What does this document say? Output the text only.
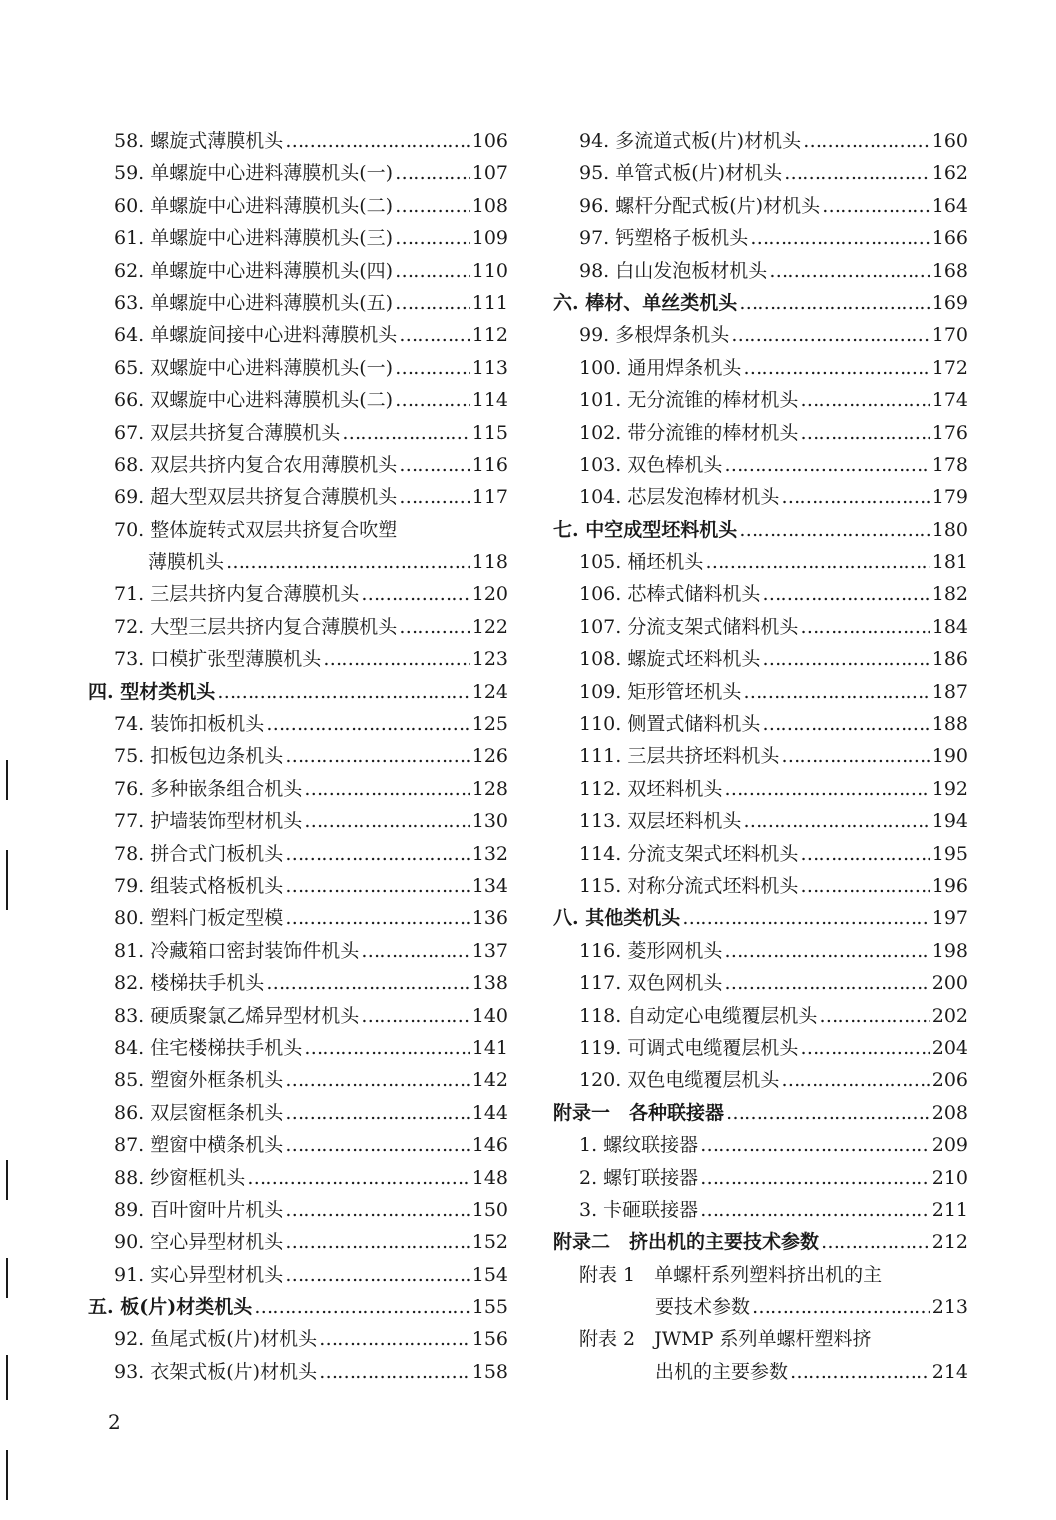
58. 螺旋式薄膜机头 ……………………………………………………………………………………………………………………………………………………	106
59. 单螺旋中心进料薄膜机头(一) ……………………………………………………………………………………………………………………………………………………	107
60. 单螺旋中心进料薄膜机头(二) ……………………………………………………………………………………………………………………………………………………	108
61. 单螺旋中心进料薄膜机头(三) ……………………………………………………………………………………………………………………………………………………	109
62. 单螺旋中心进料薄膜机头(四) ……………………………………………………………………………………………………………………………………………………	110
63. 单螺旋中心进料薄膜机头(五) ……………………………………………………………………………………………………………………………………………………	111
64. 单螺旋间接中心进料薄膜机头 ……………………………………………………………………………………………………………………………………………………	112
65. 双螺旋中心进料薄膜机头(一) ……………………………………………………………………………………………………………………………………………………	113
66. 双螺旋中心进料薄膜机头(二) ……………………………………………………………………………………………………………………………………………………	114
67. 双层共挤复合薄膜机头 ……………………………………………………………………………………………………………………………………………………	115
68. 双层共挤内复合农用薄膜机头 ……………………………………………………………………………………………………………………………………………………	116
69. 超大型双层共挤复合薄膜机头 ……………………………………………………………………………………………………………………………………………………	117
70. 整体旋转式双层共挤复合吹塑
薄膜机头 ……………………………………………………………………………………………………………………………………………………	118
71. 三层共挤内复合薄膜机头 ……………………………………………………………………………………………………………………………………………………	120
72. 大型三层共挤内复合薄膜机头 ……………………………………………………………………………………………………………………………………………………	122
73. 口模扩张型薄膜机头 ……………………………………………………………………………………………………………………………………………………	123
四. 型材类机头 ……………………………………………………………………………………………………………………………………………………	124
74. 装饰扣板机头 ……………………………………………………………………………………………………………………………………………………	125
75. 扣板包边条机头 ……………………………………………………………………………………………………………………………………………………	126
76. 多种嵌条组合机头 ……………………………………………………………………………………………………………………………………………………	128
77. 护墙装饰型材机头 ……………………………………………………………………………………………………………………………………………………	130
78. 拼合式门板机头 ……………………………………………………………………………………………………………………………………………………	132
79. 组装式格板机头 ……………………………………………………………………………………………………………………………………………………	134
80. 塑料门板定型模 ……………………………………………………………………………………………………………………………………………………	136
81. 冷藏箱口密封装饰件机头 ……………………………………………………………………………………………………………………………………………………	137
82. 楼梯扶手机头 ……………………………………………………………………………………………………………………………………………………	138
83. 硬质聚氯乙烯异型材机头 ……………………………………………………………………………………………………………………………………………………	140
84. 住宅楼梯扶手机头 ……………………………………………………………………………………………………………………………………………………	141
85. 塑窗外框条机头 ……………………………………………………………………………………………………………………………………………………	142
86. 双层窗框条机头 ……………………………………………………………………………………………………………………………………………………	144
87. 塑窗中横条机头 ……………………………………………………………………………………………………………………………………………………	146
88. 纱窗框机头 ……………………………………………………………………………………………………………………………………………………	148
89. 百叶窗叶片机头 ……………………………………………………………………………………………………………………………………………………	150
90. 空心异型材机头 ……………………………………………………………………………………………………………………………………………………	152
91. 实心异型材机头 ……………………………………………………………………………………………………………………………………………………	154
五. 板(片)材类机头 ……………………………………………………………………………………………………………………………………………………	155
92. 鱼尾式板(片)材机头 ……………………………………………………………………………………………………………………………………………………	156
93. 衣架式板(片)材机头 ……………………………………………………………………………………………………………………………………………………	158
94. 多流道式板(片)材机头 ……………………………………………………………………………………………………………………………………………………	160
95. 单管式板(片)材机头 ……………………………………………………………………………………………………………………………………………………	162
96. 螺杆分配式板(片)材机头 ……………………………………………………………………………………………………………………………………………………	164
97. 钙塑格子板机头 ……………………………………………………………………………………………………………………………………………………	166
98. 白山发泡板材机头 ……………………………………………………………………………………………………………………………………………………	168
六. 棒材、单丝类机头 ……………………………………………………………………………………………………………………………………………………	169
99. 多根焊条机头 ……………………………………………………………………………………………………………………………………………………	170
100. 通用焊条机头 ……………………………………………………………………………………………………………………………………………………	172
101. 无分流锥的棒材机头 ……………………………………………………………………………………………………………………………………………………	174
102. 带分流锥的棒材机头 ……………………………………………………………………………………………………………………………………………………	176
103. 双色棒机头 ……………………………………………………………………………………………………………………………………………………	178
104. 芯层发泡棒材机头 ……………………………………………………………………………………………………………………………………………………	179
七. 中空成型坯料机头 ……………………………………………………………………………………………………………………………………………………	180
105. 桶坯机头 ……………………………………………………………………………………………………………………………………………………	181
106. 芯棒式储料机头 ……………………………………………………………………………………………………………………………………………………	182
107. 分流支架式储料机头 ……………………………………………………………………………………………………………………………………………………	184
108. 螺旋式坯料机头 ……………………………………………………………………………………………………………………………………………………	186
109. 矩形管坯机头 ……………………………………………………………………………………………………………………………………………………	187
110. 侧置式储料机头 ……………………………………………………………………………………………………………………………………………………	188
111. 三层共挤坯料机头 ……………………………………………………………………………………………………………………………………………………	190
112. 双坯料机头 ……………………………………………………………………………………………………………………………………………………	192
113. 双层坯料机头 ……………………………………………………………………………………………………………………………………………………	194
114. 分流支架式坯料机头 ……………………………………………………………………………………………………………………………………………………	195
115. 对称分流式坯料机头 ……………………………………………………………………………………………………………………………………………………	196
八. 其他类机头 ……………………………………………………………………………………………………………………………………………………	197
116. 菱形网机头 ……………………………………………………………………………………………………………………………………………………	198
117. 双色网机头 ……………………………………………………………………………………………………………………………………………………	200
118. 自动定心电缆覆层机头 ……………………………………………………………………………………………………………………………………………………	202
119. 可调式电缆覆层机头 ……………………………………………………………………………………………………………………………………………………	204
120. 双色电缆覆层机头 ……………………………………………………………………………………………………………………………………………………	206
附录一　各种联接器 ……………………………………………………………………………………………………………………………………………………	208
1. 螺纹联接器 ……………………………………………………………………………………………………………………………………………………	209
2. 螺钉联接器 ……………………………………………………………………………………………………………………………………………………	210
3. 卡砸联接器 ……………………………………………………………………………………………………………………………………………………	211
附录二　挤出机的主要技术参数 ……………………………………………………………………………………………………………………………………………………	212
附表 1　单螺杆系列塑料挤出机的主
要技术参数 ……………………………………………………………………………………………………………………………………………………	213
附表 2　JWMP 系列单螺杆塑料挤
出机的主要参数 ……………………………………………………………………………………………………………………………………………………	214
2
